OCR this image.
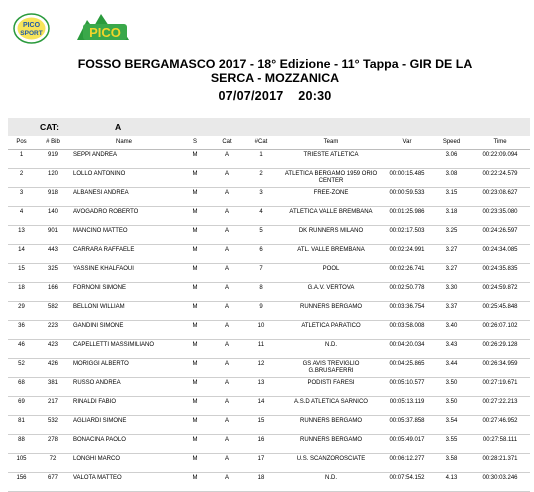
PICO
SPORT	PICO
FOSSO BERGAMASCO 2017 - 18° Edizione - 11° Tappa - GIR DE LA
SERCA - MOZZANICA
07/07/2017    20:30
CAT:	A
Pos	# Bib	Name	S	Cat	#Cat	Team	Var	Speed	Time

1	919	SEPPI ANDREA	M	A	1	TRIESTE ATLETICA		3.06	00:22:09.094

2	120	LOLLO ANTONINO	M	A	2	ATLETICA BERGAMO 1959 ORIO CENTER	00:00:15.485	3.08	00:22:24.579

3	918	ALBANESI ANDREA	M	A	3	FREE-ZONE	00:00:59.533	3.15	00:23:08.627

4	140	AVOGADRO ROBERTO	M	A	4	ATLETICA VALLE BREMBANA	00:01:25.986	3.18	00:23:35.080

13	901	MANCINO MATTEO	M	A	5	DK RUNNERS MILANO	00:02:17.503	3.25	00:24:26.597

14	443	CARRARA RAFFAELE	M	A	6	ATL. VALLE BREMBANA	00:02:24.991	3.27	00:24:34.085

15	325	YASSINE KHALFAOUI	M	A	7	POOL	00:02:26.741	3.27	00:24:35.835

18	166	FORNONI SIMONE	M	A	8	G.A.V. VERTOVA	00:02:50.778	3.30	00:24:59.872

29	582	BELLONI WILLIAM	M	A	9	RUNNERS BERGAMO	00:03:36.754	3.37	00:25:45.848

36	223	GANDINI SIMONE	M	A	10	ATLETICA PARATICO	00:03:58.008	3.40	00:26:07.102

46	423	CAPELLETTI MASSIMILIANO	M	A	11	N.D.	00:04:20.034	3.43	00:26:29.128

52	426	MORIGGI ALBERTO	M	A	12	GS AVIS TREVIGLIO G.BRUSAFERRI	00:04:25.865	3.44	00:26:34.959

68	381	RUSSO ANDREA	M	A	13	PODISTI FARESI	00:05:10.577	3.50	00:27:19.671

69	217	RINALDI FABIO	M	A	14	A.S.D ATLETICA SARNICO	00:05:13.119	3.50	00:27:22.213

81	532	AGLIARDI SIMONE	M	A	15	RUNNERS BERGAMO	00:05:37.858	3.54	00:27:46.952

88	278	BONACINA PAOLO	M	A	16	RUNNERS BERGAMO	00:05:49.017	3.55	00:27:58.111

105	72	LONGHI MARCO	M	A	17	U.S. SCANZOROSCIATE	00:06:12.277	3.58	00:28:21.371

156	677	VALOTA MATTEO	M	A	18	N.D.	00:07:54.152	4.13	00:30:03.246
